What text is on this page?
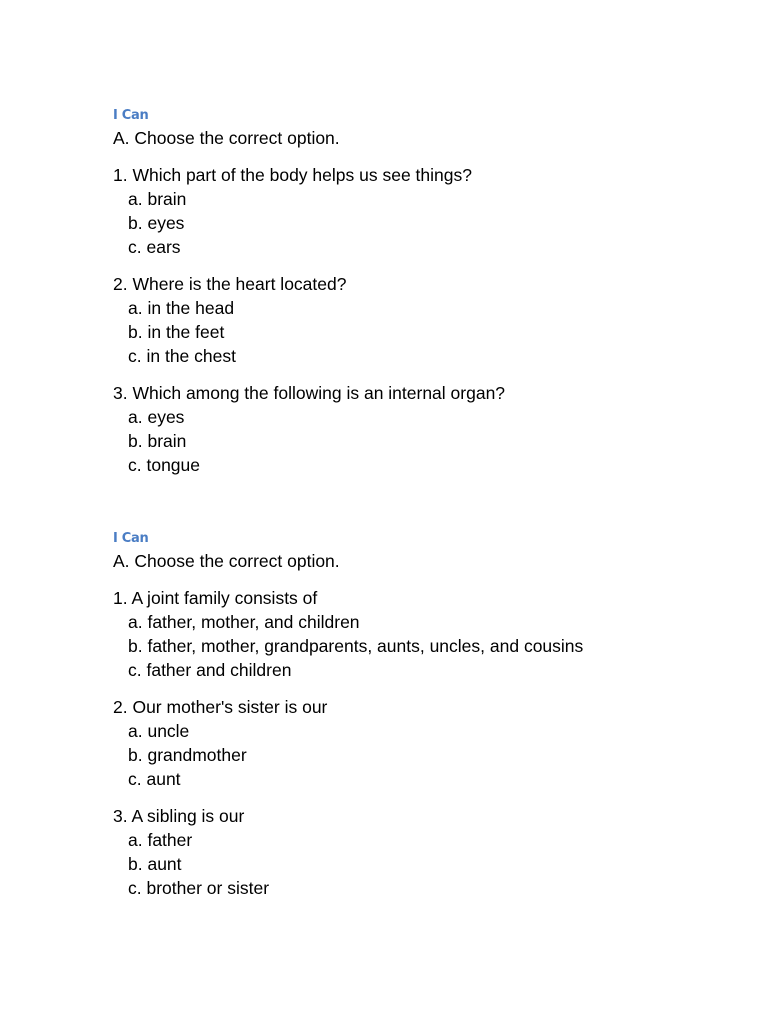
I Can
A. Choose the correct option.
1. Which part of the body helps us see things?
a. brain
b. eyes
c. ears
2. Where is the heart located?
a. in the head
b. in the feet
c. in the chest
3. Which among the following is an internal organ?
a. eyes
b. brain
c. tongue
I Can
A. Choose the correct option.
1. A joint family consists of
a. father, mother, and children
b. father, mother, grandparents, aunts, uncles, and cousins
c. father and children
2. Our mother's sister is our
a. uncle
b. grandmother
c. aunt
3. A sibling is our
a. father
b. aunt
c. brother or sister
